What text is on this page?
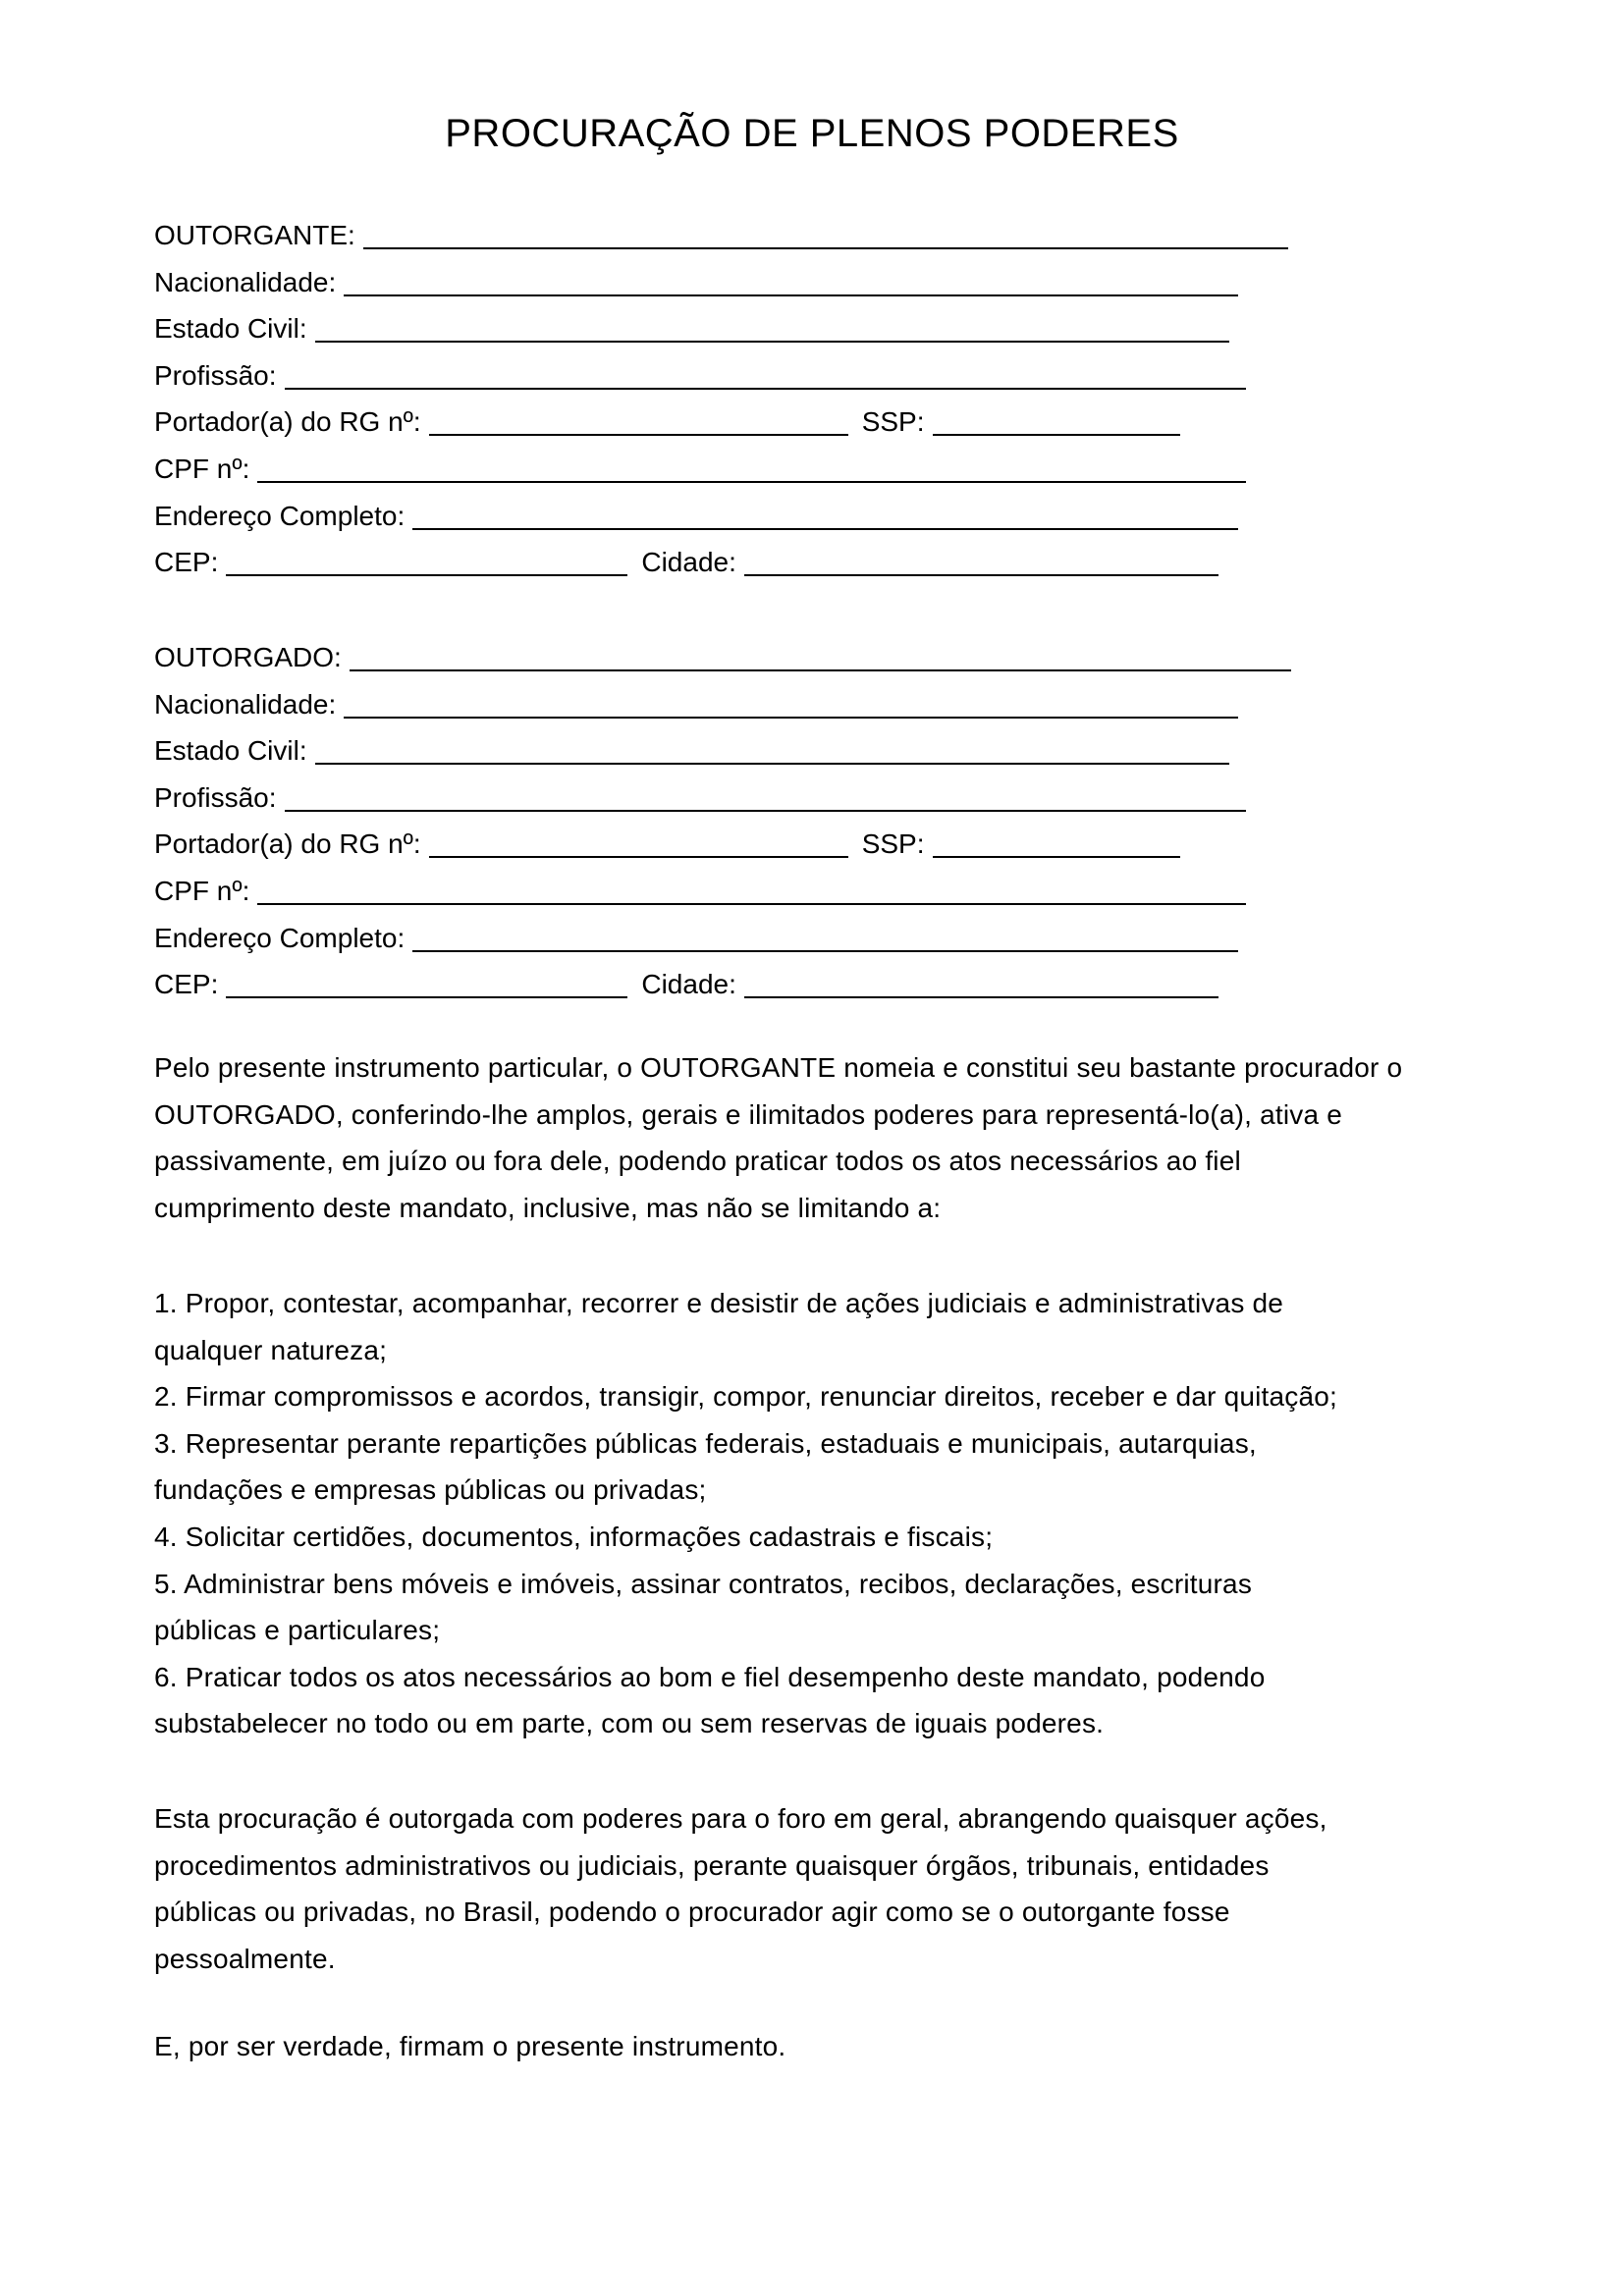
PROCURAÇÃO DE PLENOS PODERES
OUTORGANTE:
Nacionalidade:
Estado Civil:
Profissão:
Portador(a) do RG nº:	SSP:
CPF nº:
Endereço Completo:
CEP:	Cidade:
OUTORGADO:
Nacionalidade:
Estado Civil:
Profissão:
Portador(a) do RG nº:	SSP:
CPF nº:
Endereço Completo:
CEP:	Cidade:
Pelo presente instrumento particular, o OUTORGANTE nomeia e constitui seu bastante procurador o
OUTORGADO, conferindo-lhe amplos, gerais e ilimitados poderes para representá-lo(a), ativa e
passivamente, em juízo ou fora dele, podendo praticar todos os atos necessários ao fiel
cumprimento deste mandato, inclusive, mas não se limitando a:
1. Propor, contestar, acompanhar, recorrer e desistir de ações judiciais e administrativas de
qualquer natureza;
2. Firmar compromissos e acordos, transigir, compor, renunciar direitos, receber e dar quitação;
3. Representar perante repartições públicas federais, estaduais e municipais, autarquias,
fundações e empresas públicas ou privadas;
4. Solicitar certidões, documentos, informações cadastrais e fiscais;
5. Administrar bens móveis e imóveis, assinar contratos, recibos, declarações, escrituras
públicas e particulares;
6. Praticar todos os atos necessários ao bom e fiel desempenho deste mandato, podendo
substabelecer no todo ou em parte, com ou sem reservas de iguais poderes.
Esta procuração é outorgada com poderes para o foro em geral, abrangendo quaisquer ações,
procedimentos administrativos ou judiciais, perante quaisquer órgãos, tribunais, entidades
públicas ou privadas, no Brasil, podendo o procurador agir como se o outorgante fosse
pessoalmente.
E, por ser verdade, firmam o presente instrumento.
